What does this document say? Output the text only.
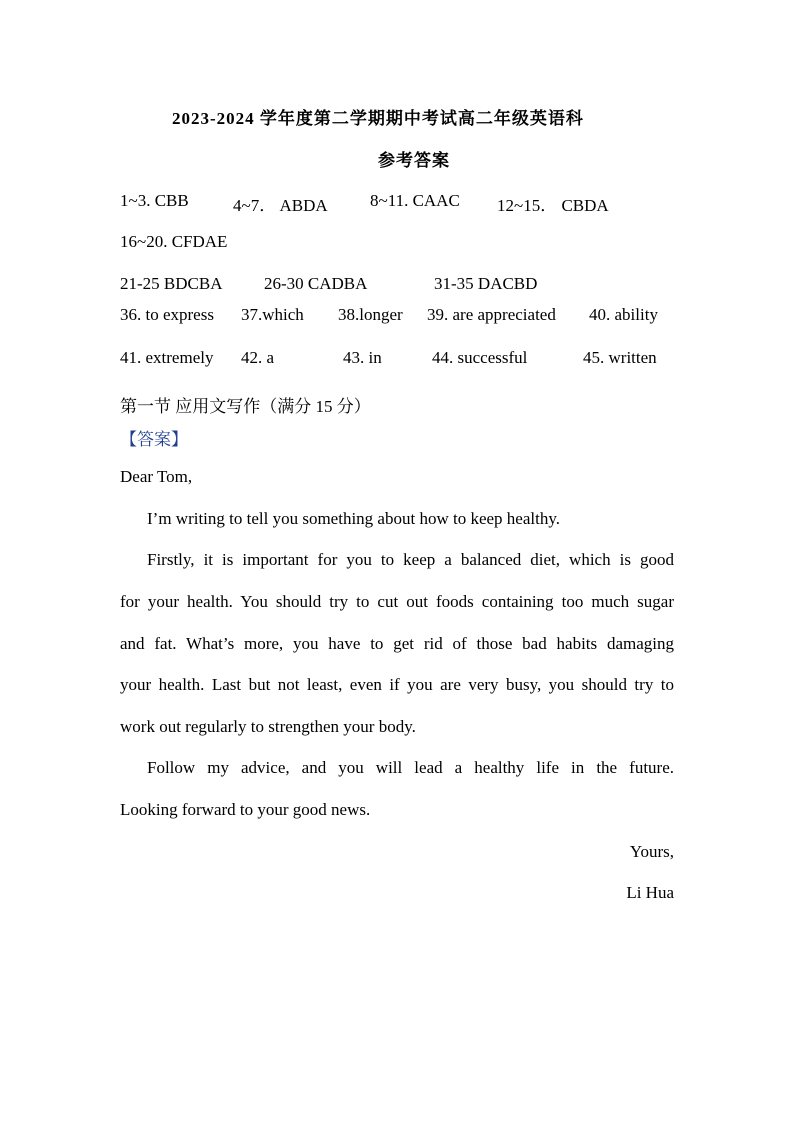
2023-2024 学年度第二学期期中考试高二年级英语科
参考答案
1~3. CBB	4~7． ABDA 8~11. CAAC 12~15． CBDA
16~20. CFDAE
21-25 BDCBA 26-30 CADBA	31-35 DACBD
36. to express 37.which 38.longer 39. are appreciated 40. ability
41. extremely 42. a	43. in	44. successful	45. written
第一节 应用文写作（满分 15 分）
【答案】
Dear Tom,
I’m writing to tell you something about how to keep healthy.
Firstly, it is important for you to keep a balanced diet, which is good
for your health. You should try to cut out foods containing too much sugar
and fat. What’s more, you have to get rid of those bad habits damaging
your health. Last but not least, even if you are very busy, you should try to
work out regularly to strengthen your body.
Follow my advice, and you will lead a healthy life in the future.
Looking forward to your good news.
Yours,
Li Hua
